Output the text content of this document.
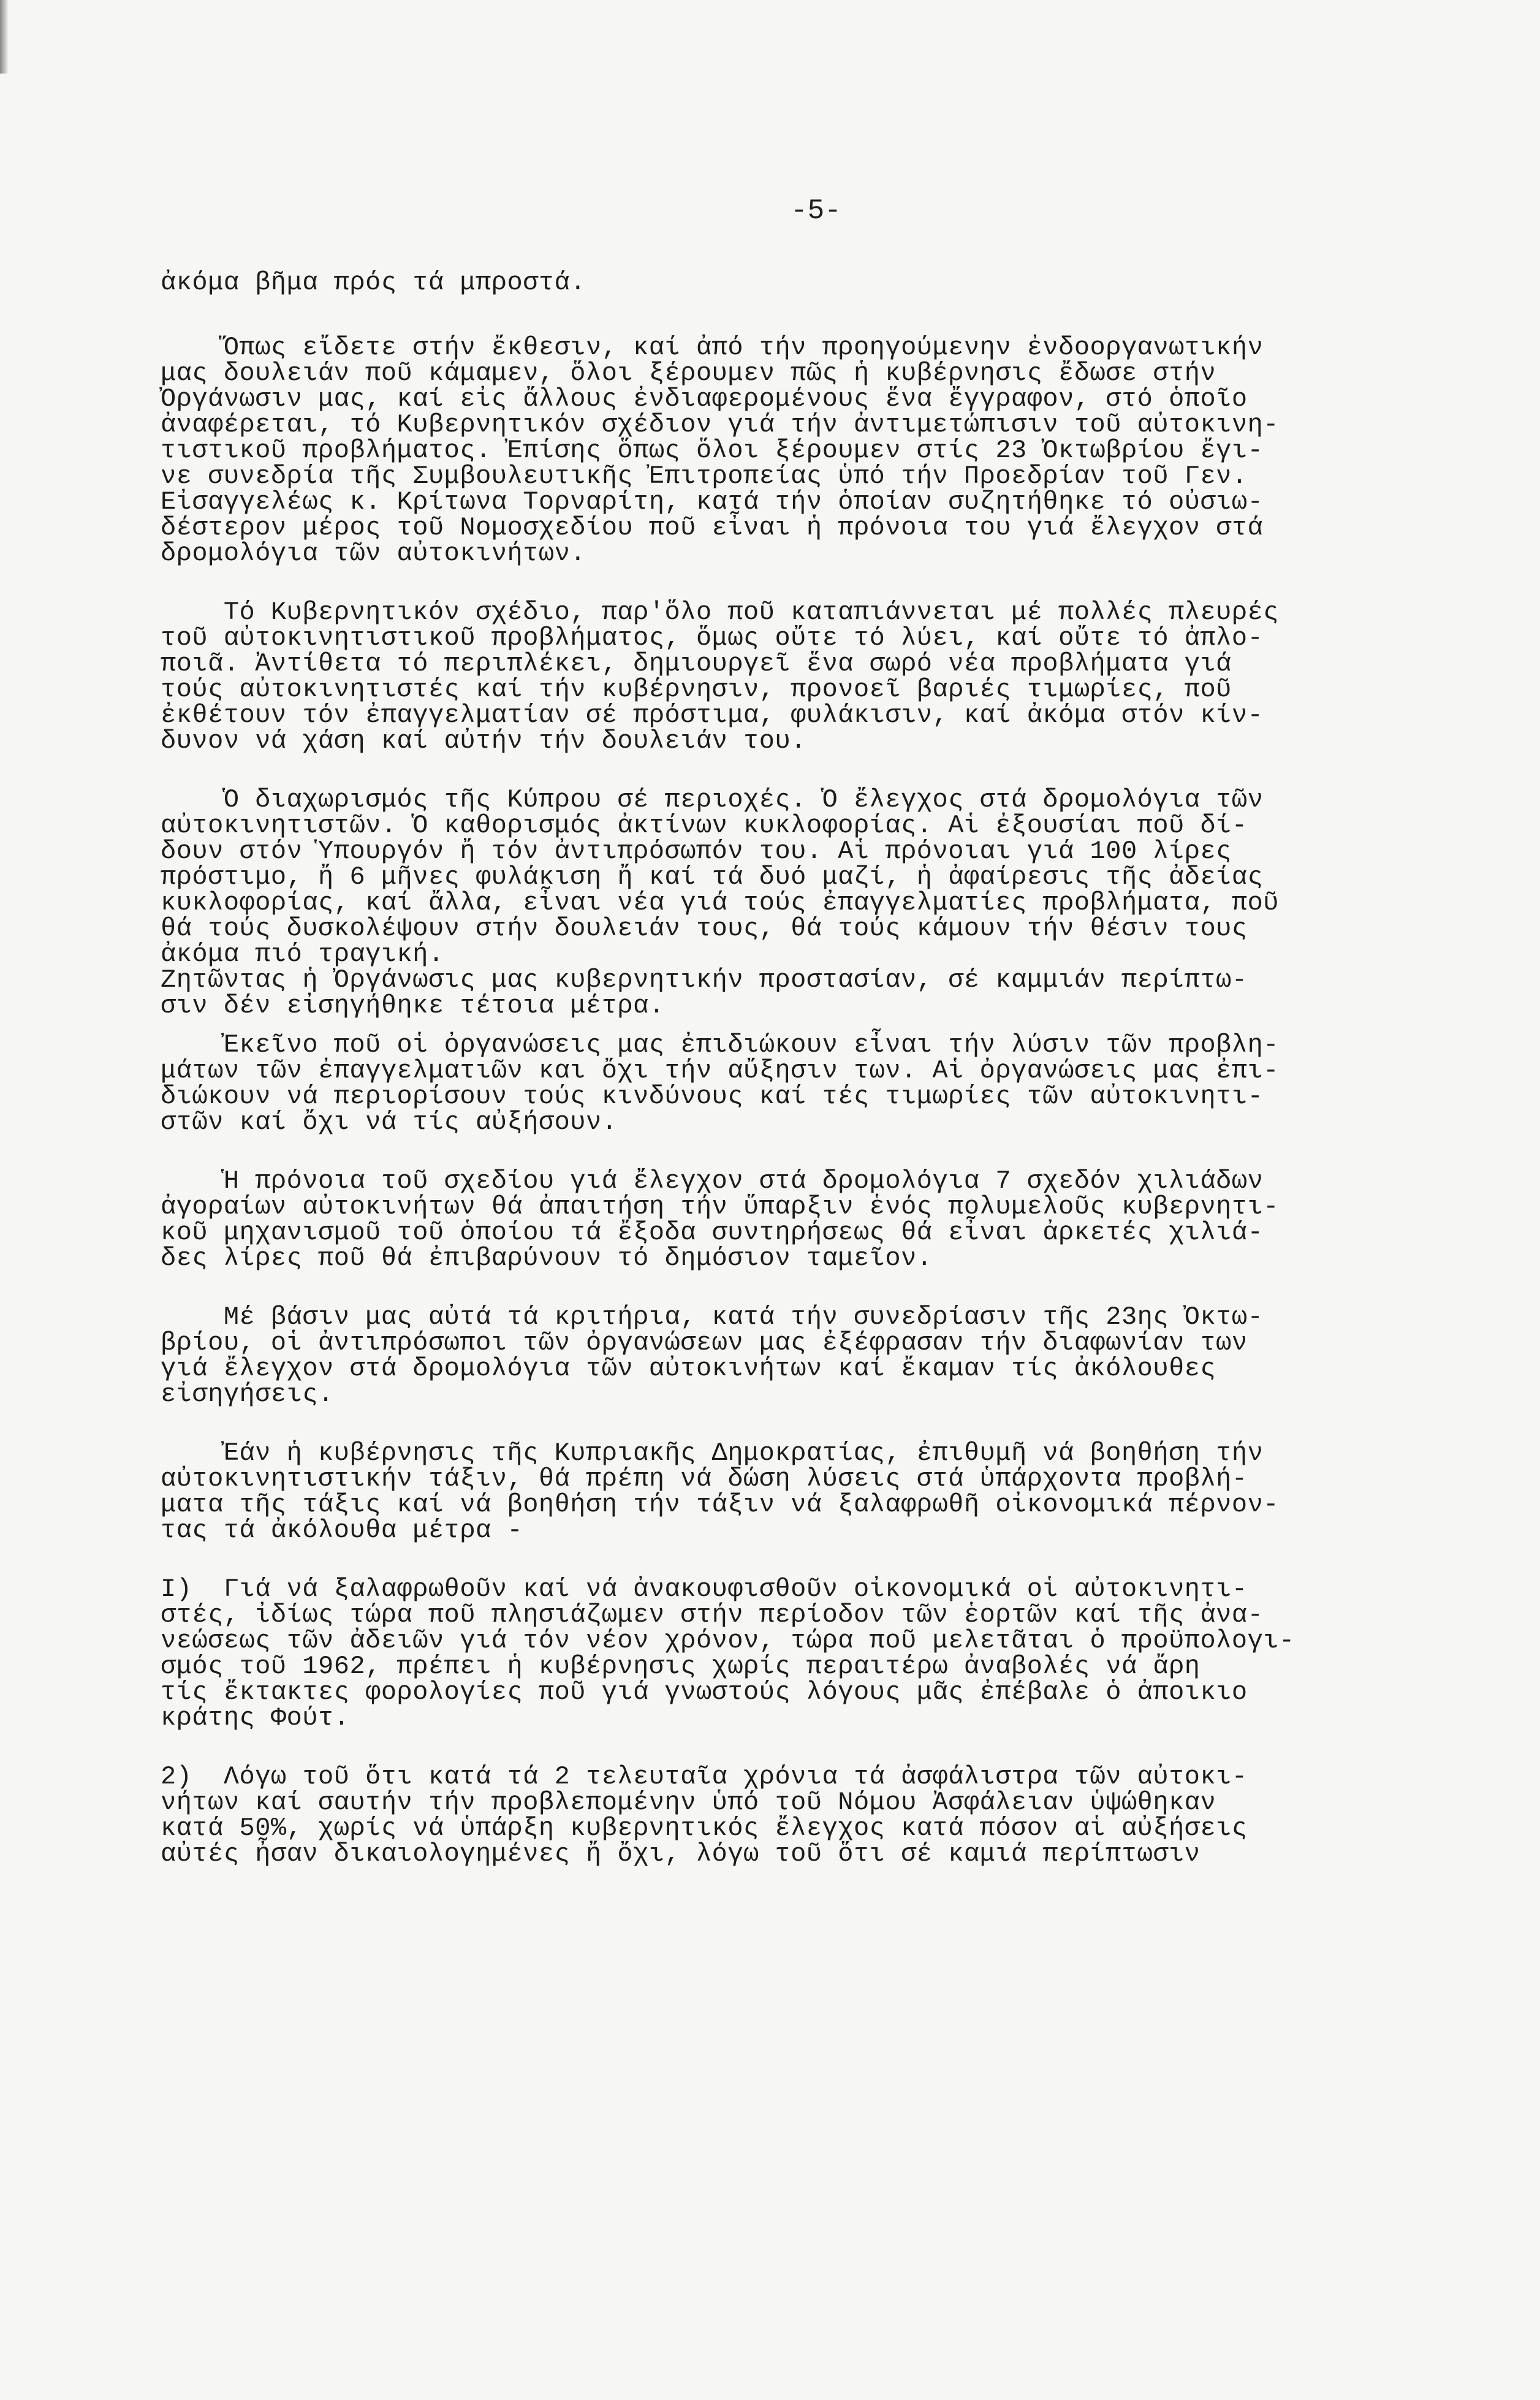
-5-
ἀκόμα βῆμα πρός τά μπροστά.
Ὅπως εἴδετε στήν ἔκθεσιν, καί ἀπό τήν προηγούμενην ἐνδοοργανωτικήν
μας δουλειάν ποῦ κάμαμεν, ὅλοι ξέρουμεν πῶς ἡ κυβέρνησις ἔδωσε στήν
Ὀργάνωσιν μας, καί εἰς ἄλλους ἐνδιαφερομένους ἕνα ἔγγραφον, στό ὁποῖο
ἀναφέρεται, τό Κυβερνητικόν σχέδιον γιά τήν ἀντιμετώπισιν τοῦ αὐτοκινη-
τιστικοῦ προβλήματος. Ἐπίσης ὅπως ὅλοι ξέρουμεν στίς 23 Ὀκτωβρίου ἔγι-
νε συνεδρία τῆς Συμβουλευτικῆς Ἐπιτροπείας ὑπό τήν Προεδρίαν τοῦ Γεν.
Εἰσαγγελέως κ. Κρίτωνα Τορναρίτη, κατά τήν ὁποίαν συζητήθηκε τό οὐσιω-
δέστερον μέρος τοῦ Νομοσχεδίου ποῦ εἶναι ἡ πρόνοια του γιά ἔλεγχον στά
δρομολόγια τῶν αὐτοκινήτων.
Τό Κυβερνητικόν σχέδιο, παρ'ὅλο ποῦ καταπιάννεται μέ πολλές πλευρές
τοῦ αὐτοκινητιστικοῦ προβλήματος, ὅμως οὔτε τό λύει, καί οὔτε τό ἀπλο-
ποιᾶ. Ἀντίθετα τό περιπλέκει, δημιουργεῖ ἕνα σωρό νέα προβλήματα γιά
τούς αὐτοκινητιστές καί τήν κυβέρνησιν, προνοεῖ βαριές τιμωρίες, ποῦ
ἐκθέτουν τόν ἐπαγγελματίαν σέ πρόστιμα, φυλάκισιν, καί ἀκόμα στόν κίν-
δυνον νά χάση καί αὐτήν τήν δουλειάν του.
Ὁ διαχωρισμός τῆς Κύπρου σέ περιοχές. Ὁ ἔλεγχος στά δρομολόγια τῶν
αὐτοκινητιστῶν. Ὁ καθορισμός ἀκτίνων κυκλοφορίας. Αἱ ἐξουσίαι ποῦ δί-
δουν στόν Ὑπουργόν ἤ τόν ἀντιπρόσωπόν του. Αἱ πρόνοιαι γιά 100 λίρες
πρόστιμο, ἤ 6 μῆνες φυλάκιση ἤ καί τά δυό μαζί, ἡ ἀφαίρεσις τῆς ἀδείας
κυκλοφορίας, καί ἄλλα, εἶναι νέα γιά τούς ἐπαγγελματίες προβλήματα, ποῦ
θά τούς δυσκολέψουν στήν δουλειάν τους, θά τούς κάμουν τήν θέσιν τους
ἀκόμα πιό τραγική.
Ζητῶντας ἡ Ὀργάνωσις μας κυβερνητικήν προστασίαν, σέ καμμιάν περίπτω-
σιν δέν εἰσηγήθηκε τέτοια μέτρα.
Ἐκεῖνο ποῦ οἱ ὀργανώσεις μας ἐπιδιώκουν εἶναι τήν λύσιν τῶν προβλη-
μάτων τῶν ἐπαγγελματιῶν και ὄχι τήν αὔξησιν των. Αἱ ὀργανώσεις μας ἐπι-
διώκουν νά περιορίσουν τούς κινδύνους καί τές τιμωρίες τῶν αὐτοκινητι-
στῶν καί ὄχι νά τίς αὐξήσουν.
Ἡ πρόνοια τοῦ σχεδίου γιά ἔλεγχον στά δρομολόγια 7 σχεδόν χιλιάδων
ἀγοραίων αὐτοκινήτων θά ἀπαιτήση τήν ὕπαρξιν ἑνός πολυμελοῦς κυβερνητι-
κοῦ μηχανισμοῦ τοῦ ὁποίου τά ἔξοδα συντηρήσεως θά εἶναι ἀρκετές χιλιά-
δες λίρες ποῦ θά ἐπιβαρύνουν τό δημόσιον ταμεῖον.
Μέ βάσιν μας αὐτά τά κριτήρια, κατά τήν συνεδρίασιν τῆς 23ης Ὀκτω-
βρίου, οἱ ἀντιπρόσωποι τῶν ὀργανώσεων μας ἐξέφρασαν τήν διαφωνίαν των
γιά ἔλεγχον στά δρομολόγια τῶν αὐτοκινήτων καί ἔκαμαν τίς ἀκόλουθες
εἰσηγήσεις.
Ἐάν ἡ κυβέρνησις τῆς Κυπριακῆς Δημοκρατίας, ἐπιθυμῆ νά βοηθήση τήν
αὐτοκινητιστικήν τάξιν, θά πρέπη νά δώση λύσεις στά ὑπάρχοντα προβλή-
ματα τῆς τάξις καί νά βοηθήση τήν τάξιν νά ξαλαφρωθῆ οἰκονομικά πέρνον-
τας τά ἀκόλουθα μέτρα -
I)  Γιά νά ξαλαφρωθοῦν καί νά ἀνακουφισθοῦν οἰκονομικά οἱ αὐτοκινητι-
στές, ἰδίως τώρα ποῦ πλησιάζωμεν στήν περίοδον τῶν ἑορτῶν καί τῆς ἀνα-
νεώσεως τῶν ἀδειῶν γιά τόν νέον χρόνον, τώρα ποῦ μελετᾶται ὁ προϋπολογι-
σμός τοῦ 1962, πρέπει ἡ κυβέρνησις χωρίς περαιτέρω ἀναβολές νά ἄρη
τίς ἔκτακτες φορολογίες ποῦ γιά γνωστούς λόγους μᾶς ἐπέβαλε ὁ ἀποικιο
κράτης Φούτ.
2)  Λόγω τοῦ ὅτι κατά τά 2 τελευταῖα χρόνια τά ἀσφάλιστρα τῶν αὐτοκι-
νήτων καί σαυτήν τήν προβλεπομένην ὑπό τοῦ Νόμου Ἀσφάλειαν ὑψώθηκαν
κατά 50%, χωρίς νά ὑπάρξη κυβερνητικός ἔλεγχος κατά πόσον αἱ αὐξήσεις
αὐτές ἦσαν δικαιολογημένες ἤ ὄχι, λόγω τοῦ ὅτι σέ καμιά περίπτωσιν
